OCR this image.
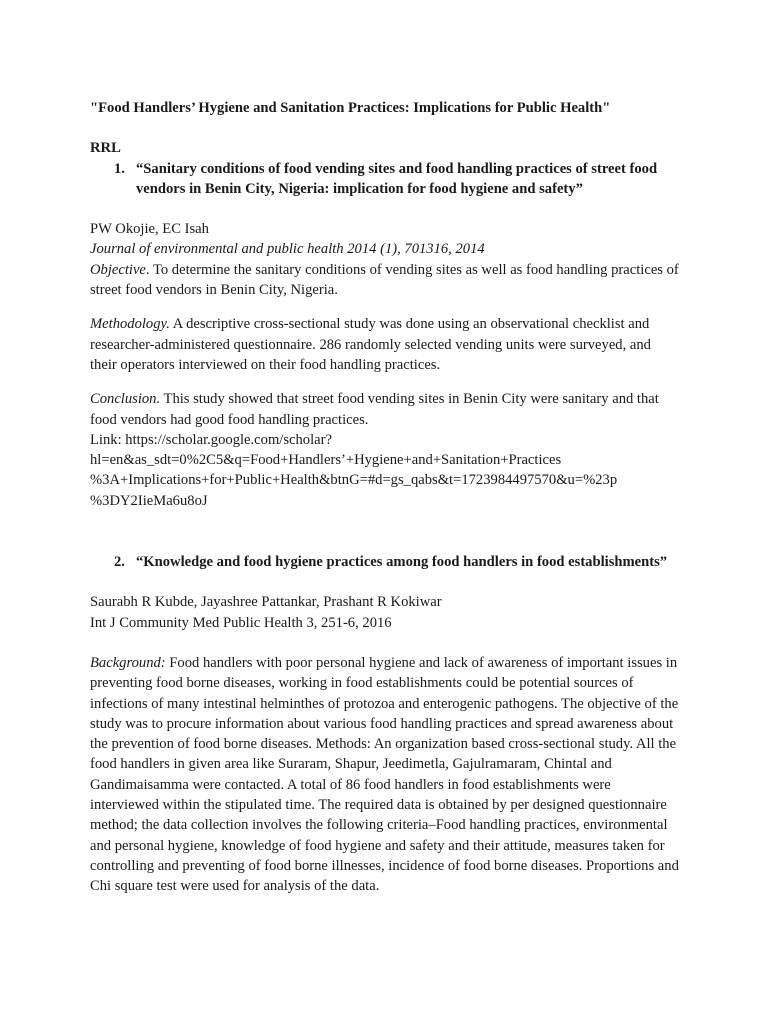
"Food Handlers’ Hygiene and Sanitation Practices: Implications for Public Health"

RRL

1. “Sanitary conditions of food vending sites and food handling practices of street food vendors in Benin City, Nigeria: implication for food hygiene and safety”

PW Okojie, EC Isah

Journal of environmental and public health 2014 (1), 701316, 2014

Objective. To determine the sanitary conditions of vending sites as well as food handling practices of street food vendors in Benin City, Nigeria.

Methodology. A descriptive cross-sectional study was done using an observational checklist and researcher-administered questionnaire. 286 randomly selected vending units were surveyed, and their operators interviewed on their food handling practices.

Conclusion. This study showed that street food vending sites in Benin City were sanitary and that food vendors had good food handling practices.

Link: https://scholar.google.com/scholar?

hl=en&as_sdt=0%2C5&q=Food+Handlers’+Hygiene+and+Sanitation+Practices

%3A+Implications+for+Public+Health&btnG=#d=gs_qabs&t=1723984497570&u=%23p

%3DY2IieMa6u8oJ

2. “Knowledge and food hygiene practices among food handlers in food establishments”

Saurabh R Kubde, Jayashree Pattankar, Prashant R Kokiwar

Int J Community Med Public Health 3, 251-6, 2016

Background: Food handlers with poor personal hygiene and lack of awareness of important issues in preventing food borne diseases, working in food establishments could be potential sources of infections of many intestinal helminthes of protozoa and enterogenic pathogens. The objective of the study was to procure information about various food handling practices and spread awareness about the prevention of food borne diseases. Methods: An organization based cross-sectional study. All the food handlers in given area like Suraram, Shapur, Jeedimetla, Gajulramaram, Chintal and Gandimaisamma were contacted. A total of 86 food handlers in food establishments were interviewed within the stipulated time. The required data is obtained by per designed questionnaire method; the data collection involves the following criteria–Food handling practices, environmental and personal hygiene, knowledge of food hygiene and safety and their attitude, measures taken for controlling and preventing of food borne illnesses, incidence of food borne diseases. Proportions and Chi square test were used for analysis of the data.
